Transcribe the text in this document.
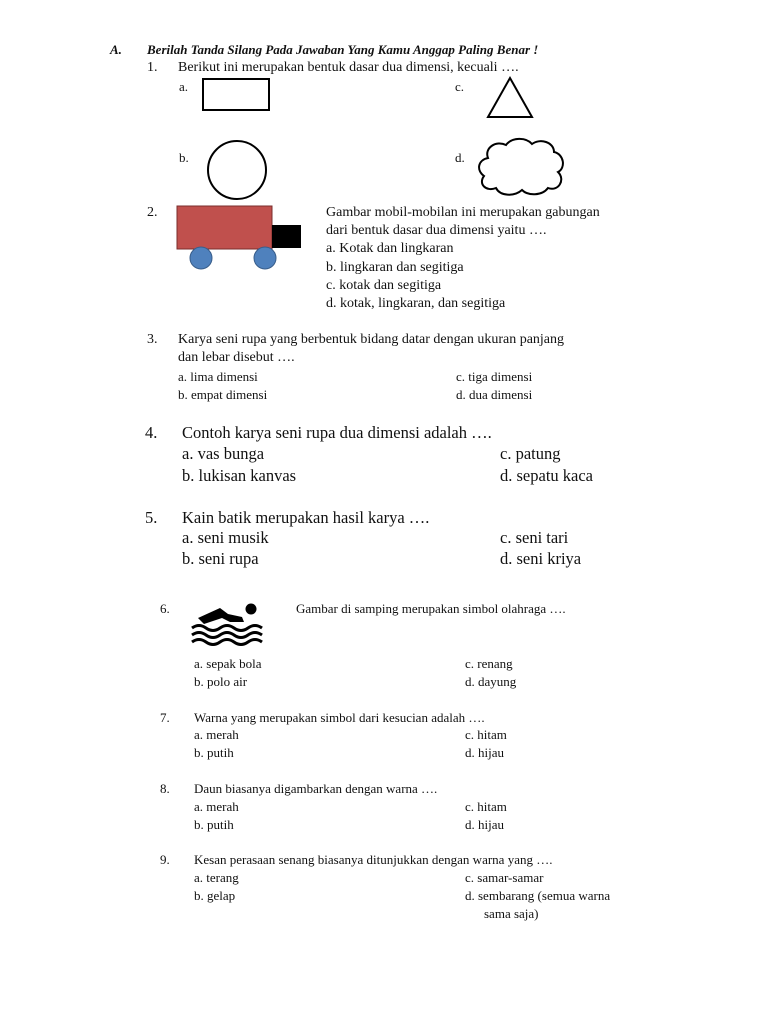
A. Berilah Tanda Silang Pada Jawaban Yang Kamu Anggap Paling Benar !
1. Berikut ini merupakan bentuk dasar dua dimensi, kecuali ….
a.	c.
b.	d.
2.	Gambar mobil-mobilan ini merupakan gabungan
dari bentuk dasar dua dimensi yaitu ….
a. Kotak dan lingkaran
b. lingkaran dan segitiga
c. kotak dan segitiga
d. kotak, lingkaran, dan segitiga
3. Karya seni rupa yang berbentuk bidang datar dengan ukuran panjang
dan lebar disebut ….
a. lima dimensi	c. tiga dimensi
b. empat dimensi	d. dua dimensi
4. Contoh karya seni rupa dua dimensi adalah ….
a. vas bunga	c. patung
b. lukisan kanvas	d. sepatu kaca
5. Kain batik merupakan hasil karya ….
a. seni musik	c. seni tari
b. seni rupa	d. seni kriya
6.	Gambar di samping merupakan simbol olahraga ….
a. sepak bola	c. renang
b. polo air	d. dayung
7. Warna yang merupakan simbol dari kesucian adalah ….
a. merah	c. hitam
b. putih	d. hijau
8. Daun biasanya digambarkan dengan warna ….
a. merah	c. hitam
b. putih	d. hijau
9. Kesan perasaan senang biasanya ditunjukkan dengan warna yang ….
a. terang	c. samar-samar
b. gelap	d. sembarang (semua warna
sama saja)
